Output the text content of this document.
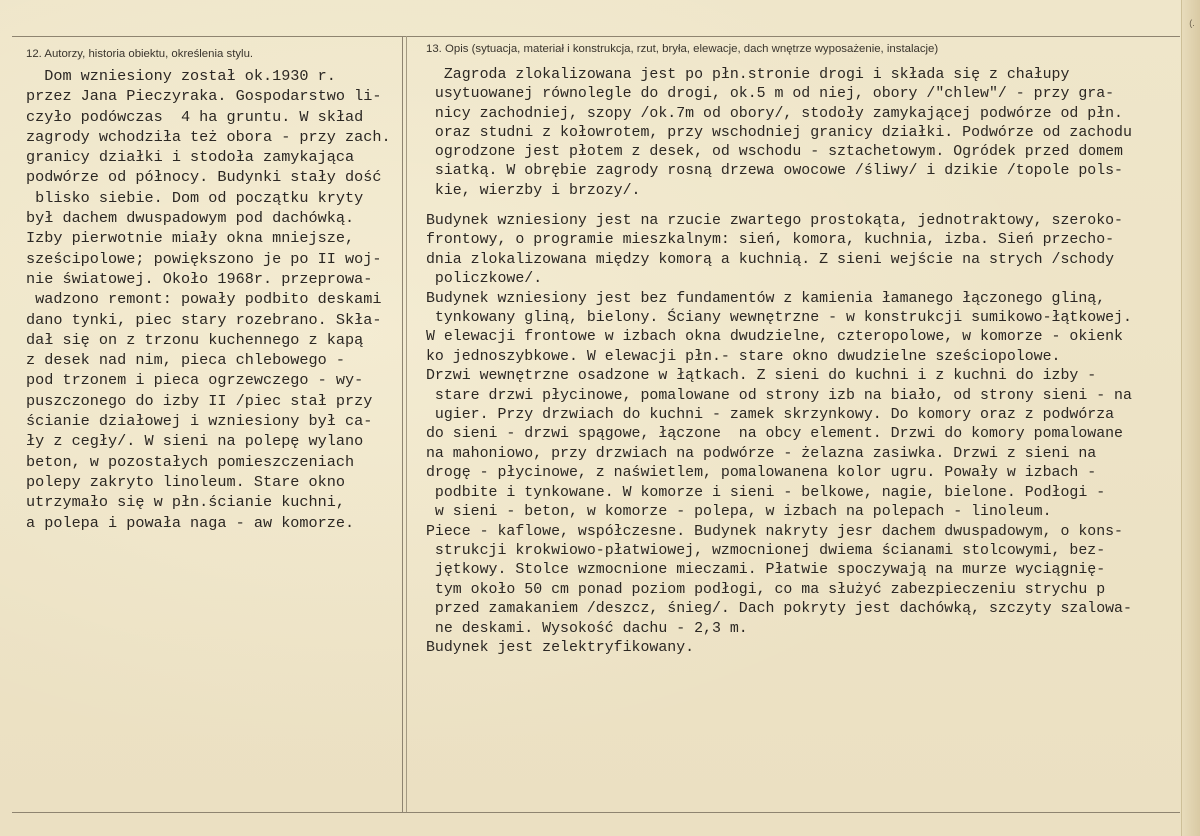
(.
12. Autorzy, historia obiektu, określenia stylu.	13. Opis (sytuacja, materiał i konstrukcja, rzut, bryła, elewacje, dach wnętrze wyposażenie, instalacje)
Dom wzniesiony został ok.1930 r.
przez Jana Pieczyraka. Gospodarstwo li-
czyło podówczas  4 ha gruntu. W skład
zagrody wchodziła też obora - przy zach.
granicy działki i stodoła zamykająca
podwórze od północy. Budynki stały dość
blisko siebie. Dom od początku kryty
był dachem dwuspadowym pod dachówką.
Izby pierwotnie miały okna mniejsze,
sześcipolowe; powiększono je po II woj-
nie światowej. Około 1968r. przeprowa-
wadzono remont: powały podbito deskami
dano tynki, piec stary rozebrano. Skła-
dał się on z trzonu kuchennego z kapą
z desek nad nim, pieca chlebowego -
pod trzonem i pieca ogrzewczego - wy-
puszczonego do izby II /piec stał przy
ścianie działowej i wzniesiony był ca-
ły z cegły/. W sieni na polepę wylano
beton, w pozostałych pomieszczeniach
polepy zakryto linoleum. Stare okno
utrzymało się w płn.ścianie kuchni,
a polepa i powała naga - aw komorze.
Zagroda zlokalizowana jest po płn.stronie drogi i składa się z chałupy
usytuowanej równolegle do drogi, ok.5 m od niej, obory /"chlew"/ - przy gra-
nicy zachodniej, szopy /ok.7m od obory/, stodoły zamykającej podwórze od płn.
oraz studni z kołowrotem, przy wschodniej granicy działki. Podwórze od zachodu
ogrodzone jest płotem z desek, od wschodu - sztachetowym. Ogródek przed domem
siatką. W obrębie zagrody rosną drzewa owocowe /śliwy/ i dzikie /topole pols-
kie, wierzby i brzozy/.
Budynek wzniesiony jest na rzucie zwartego prostokąta, jednotraktowy, szeroko-
frontowy, o programie mieszkalnym: sień, komora, kuchnia, izba. Sień przecho-
dnia zlokalizowana między komorą a kuchnią. Z sieni wejście na strych /schody
policzkowe/.
Budynek wzniesiony jest bez fundamentów z kamienia łamanego łączonego gliną,
tynkowany gliną, bielony. Ściany wewnętrzne - w konstrukcji sumikowo-łątkowej.
W elewacji frontowe w izbach okna dwudzielne, czteropolowe, w komorze - okienk
ko jednoszybkowe. W elewacji płn.- stare okno dwudzielne sześciopolowe.
Drzwi wewnętrzne osadzone w łątkach. Z sieni do kuchni i z kuchni do izby -
stare drzwi płycinowe, pomalowane od strony izb na biało, od strony sieni - na
ugier. Przy drzwiach do kuchni - zamek skrzynkowy. Do komory oraz z podwórza
do sieni - drzwi spągowe, łączone  na obcy element. Drzwi do komory pomalowane
na mahoniowo, przy drzwiach na podwórze - żelazna zasiwka. Drzwi z sieni na
drogę - płycinowe, z naświetlem, pomalowanena kolor ugru. Powały w izbach -
podbite i tynkowane. W komorze i sieni - belkowe, nagie, bielone. Podłogi -
w sieni - beton, w komorze - polepa, w izbach na polepach - linoleum.
Piece - kaflowe, współczesne. Budynek nakryty jesr dachem dwuspadowym, o kons-
strukcji krokwiowo-płatwiowej, wzmocnionej dwiema ścianami stolcowymi, bez-
jętkowy. Stolce wzmocnione mieczami. Płatwie spoczywają na murze wyciągnię-
tym około 50 cm ponad poziom podłogi, co ma służyć zabezpieczeniu strychu p
przed zamakaniem /deszcz, śnieg/. Dach pokryty jest dachówką, szczyty szalowa-
ne deskami. Wysokość dachu - 2,3 m.
Budynek jest zelektryfikowany.
